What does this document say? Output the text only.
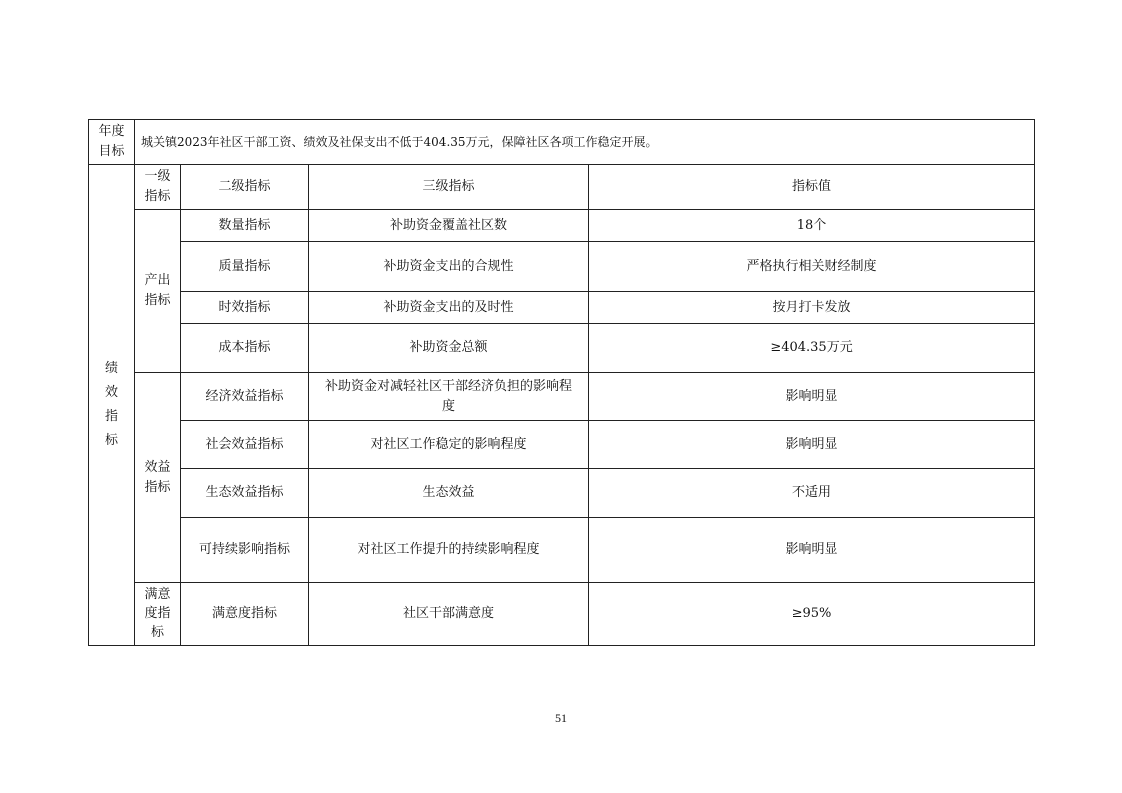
年度目标	城关镇2023年社区干部工资、绩效及社保支出不低于404.35万元，保障社区各项工作稳定开展。			
绩效指标	一级指标	二级指标	三级指标	指标值
	产出指标	数量指标	补助资金覆盖社区数	18个
		质量指标	补助资金支出的合规性	严格执行相关财经制度
		时效指标	补助资金支出的及时性	按月打卡发放
		成本指标	补助资金总额	≥404.35万元
	效益指标	经济效益指标	补助资金对减轻社区干部经济负担的影响程度	影响明显
		社会效益指标	对社区工作稳定的影响程度	影响明显
		生态效益指标	生态效益	不适用
		可持续影响指标	对社区工作提升的持续影响程度	影响明显
	满意度指标	满意度指标	社区干部满意度	≥95%
51
